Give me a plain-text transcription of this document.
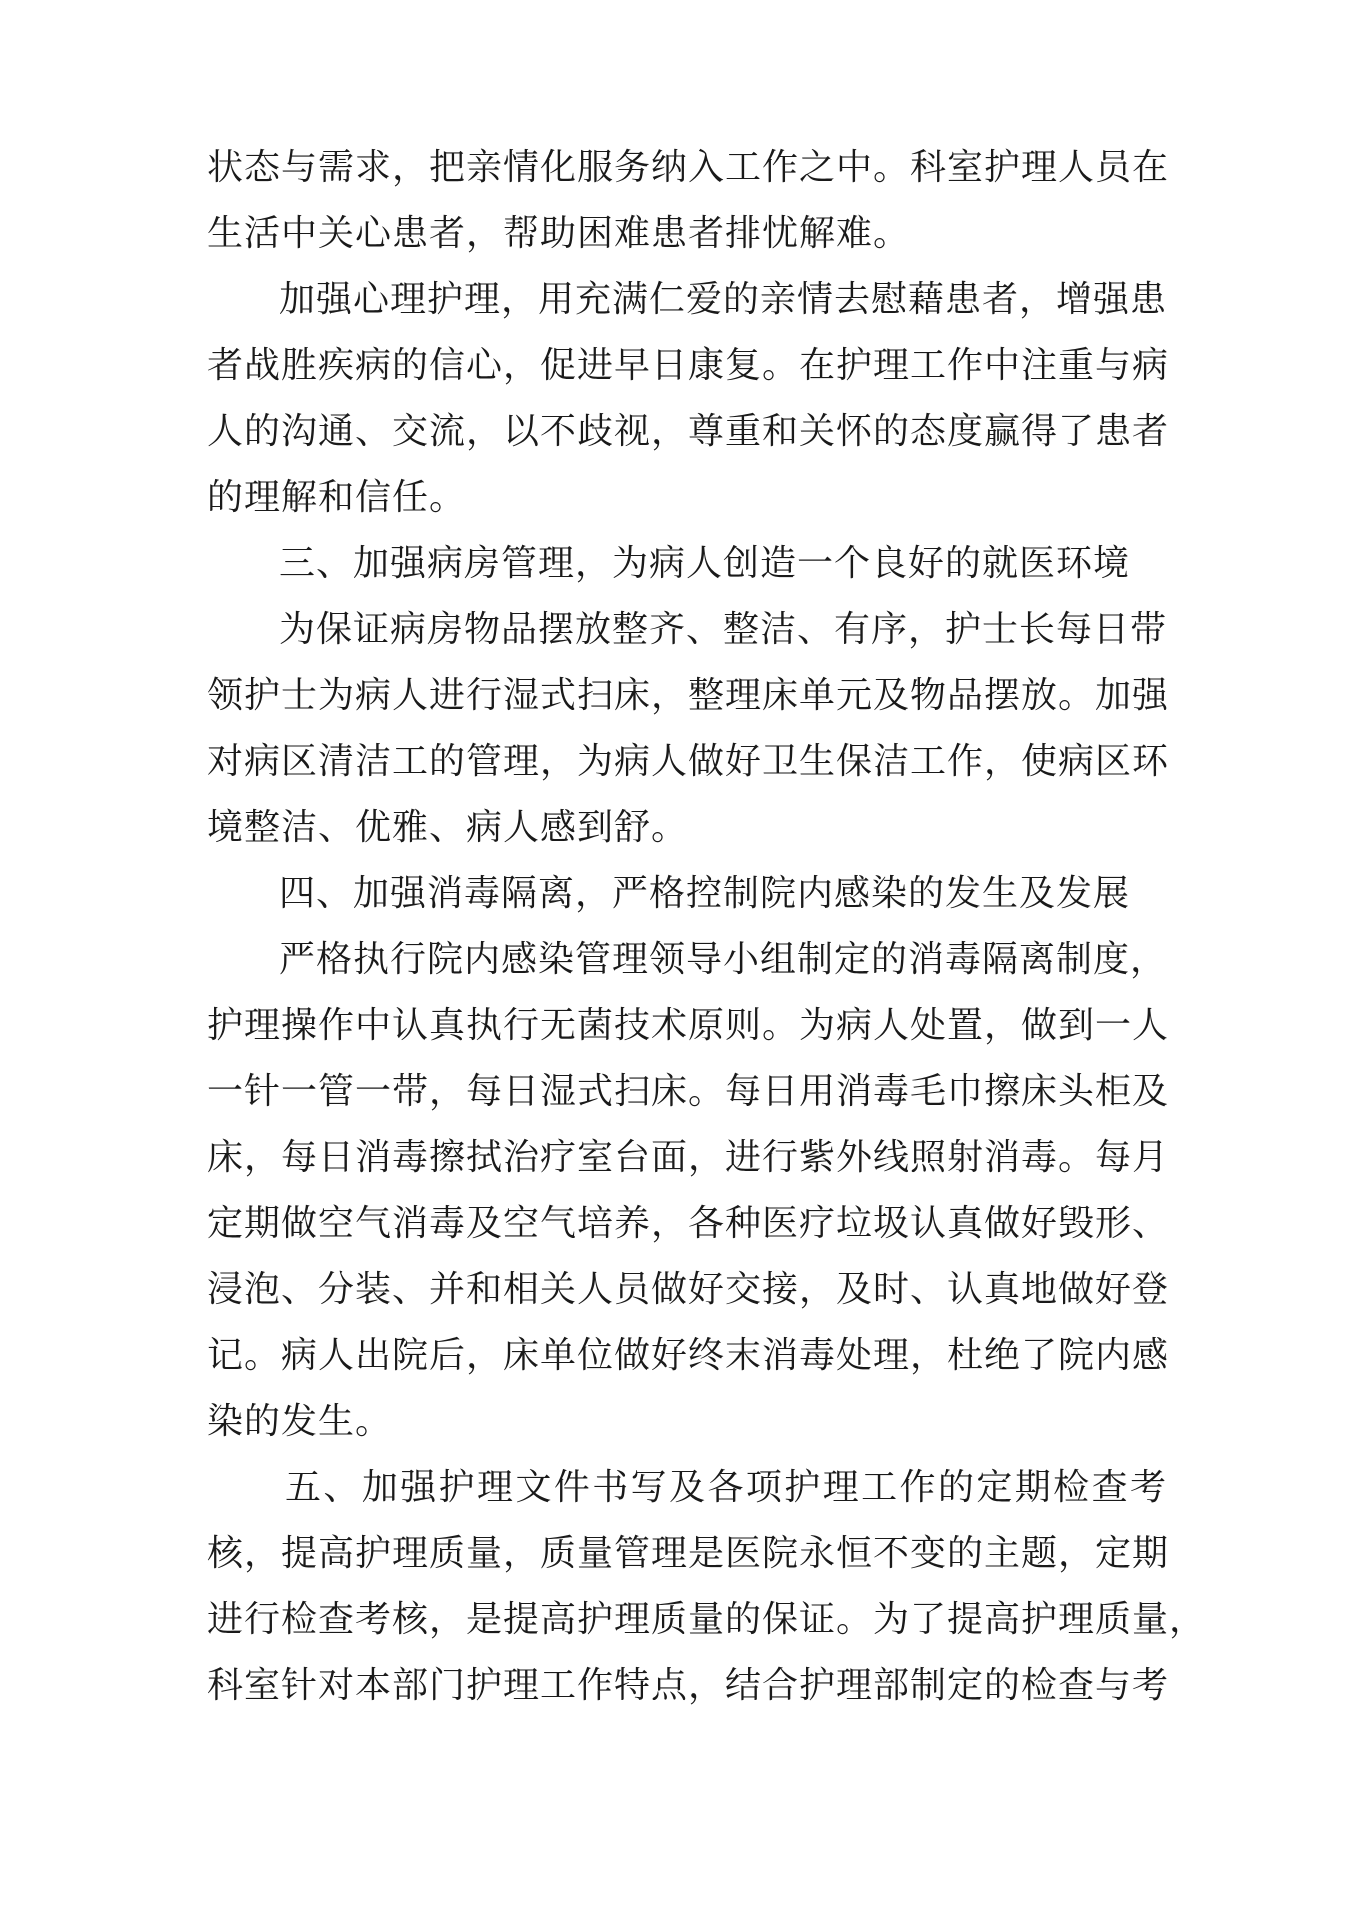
状态与需求，把亲情化服务纳入工作之中。科室护理人员在
生活中关心患者，帮助困难患者排忧解难。
加强心理护理，用充满仁爱的亲情去慰藉患者，增强患
者战胜疾病的信心，促进早日康复。在护理工作中注重与病
人的沟通、交流，以不歧视，尊重和关怀的态度赢得了患者
的理解和信任。
三、加强病房管理，为病人创造一个良好的就医环境
为保证病房物品摆放整齐、整洁、有序，护士长每日带
领护士为病人进行湿式扫床，整理床单元及物品摆放。加强
对病区清洁工的管理，为病人做好卫生保洁工作，使病区环
境整洁、优雅、病人感到舒。
四、加强消毒隔离，严格控制院内感染的发生及发展
严格执行院内感染管理领导小组制定的消毒隔离制度，
护理操作中认真执行无菌技术原则。为病人处置，做到一人
一针一管一带，每日湿式扫床。每日用消毒毛巾擦床头柜及
床，每日消毒擦拭治疗室台面，进行紫外线照射消毒。每月
定期做空气消毒及空气培养，各种医疗垃圾认真做好毁形、
浸泡、分装、并和相关人员做好交接，及时、认真地做好登
记。病人出院后，床单位做好终末消毒处理，杜绝了院内感
染的发生。
五、加强护理文件书写及各项护理工作的定期检查考
核，提高护理质量，质量管理是医院永恒不变的主题，定期
进行检查考核，是提高护理质量的保证。为了提高护理质量，
科室针对本部门护理工作特点，结合护理部制定的检查与考
